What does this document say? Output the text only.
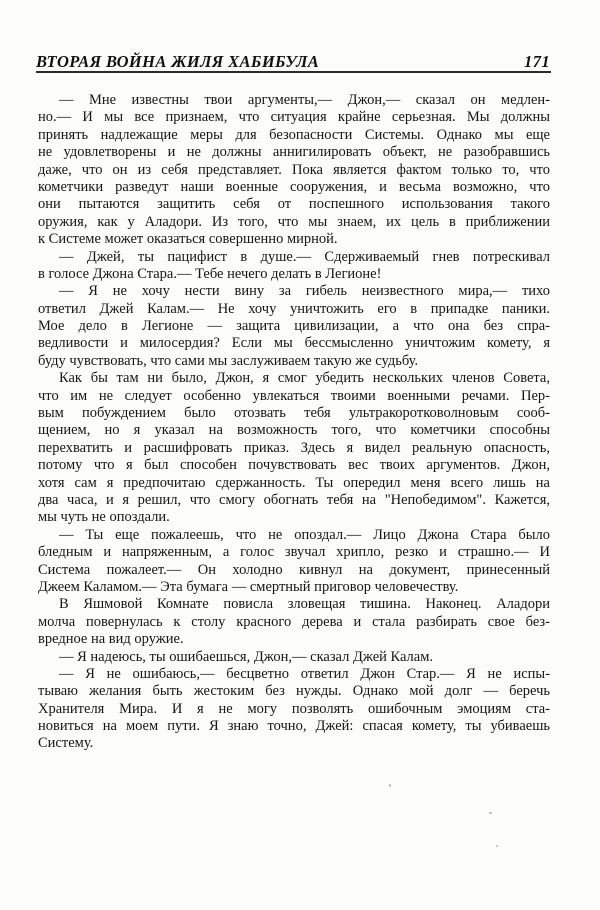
ВТОРАЯ ВОЙНА ЖИЛЯ ХАБИБУЛА	171
— Мне известны твои аргументы,— Джон,— сказал он медлен-
но.— И мы все признаем, что ситуация крайне серьезная. Мы должны
принять надлежащие меры для безопасности Системы. Однако мы еще
не удовлетворены и не должны аннигилировать объект, не разобравшись
даже, что он из себя представляет. Пока является фактом только то, что
кометчики разведут наши военные сооружения, и весьма возможно, что
они пытаются защитить себя от поспешного использования такого
оружия, как у Аладори. Из того, что мы знаем, их цель в приближении
к Системе может оказаться совершенно мирной.
— Джей, ты пацифист в душе.— Сдерживаемый гнев потрескивал
в голосе Джона Стара.— Тебе нечего делать в Легионе!
— Я не хочу нести вину за гибель неизвестного мира,— тихо
ответил Джей Калам.— Не хочу уничтожить его в припадке паники.
Мое дело в Легионе — защита цивилизации, а что она без спра-
ведливости и милосердия? Если мы бессмысленно уничтожим комету, я
буду чувствовать, что сами мы заслуживаем такую же судьбу.
Как бы там ни было, Джон, я смог убедить нескольких членов Совета,
что им не следует особенно увлекаться твоими военными речами. Пер-
вым побуждением было отозвать тебя ультракоротковолновым сооб-
щением, но я указал на возможность того, что кометчики способны
перехватить и расшифровать приказ. Здесь я видел реальную опасность,
потому что я был способен почувствовать вес твоих аргументов. Джон,
хотя сам я предпочитаю сдержанность. Ты опередил меня всего лишь на
два часа, и я решил, что смогу обогнать тебя на "Непобедимом". Кажется,
мы чуть не опоздали.
— Ты еще пожалеешь, что не опоздал.— Лицо Джона Стара было
бледным и напряженным, а голос звучал хрипло, резко и страшно.— И
Система пожалеет.— Он холодно кивнул на документ, принесенный
Джеем Каламом.— Эта бумага — смертный приговор человечеству.
В Яшмовой Комнате повисла зловещая тишина. Наконец. Аладори
молча повернулась к столу красного дерева и стала разбирать свое без-
вредное на вид оружие.
— Я надеюсь, ты ошибаешься, Джон,— сказал Джей Калам.
— Я не ошибаюсь,— бесцветно ответил Джон Стар.— Я не испы-
тываю желания быть жестоким без нужды. Однако мой долг — беречь
Хранителя Мира. И я не могу позволять ошибочным эмоциям ста-
новиться на моем пути. Я знаю точно, Джей: спасая комету, ты убиваешь
Систему.
